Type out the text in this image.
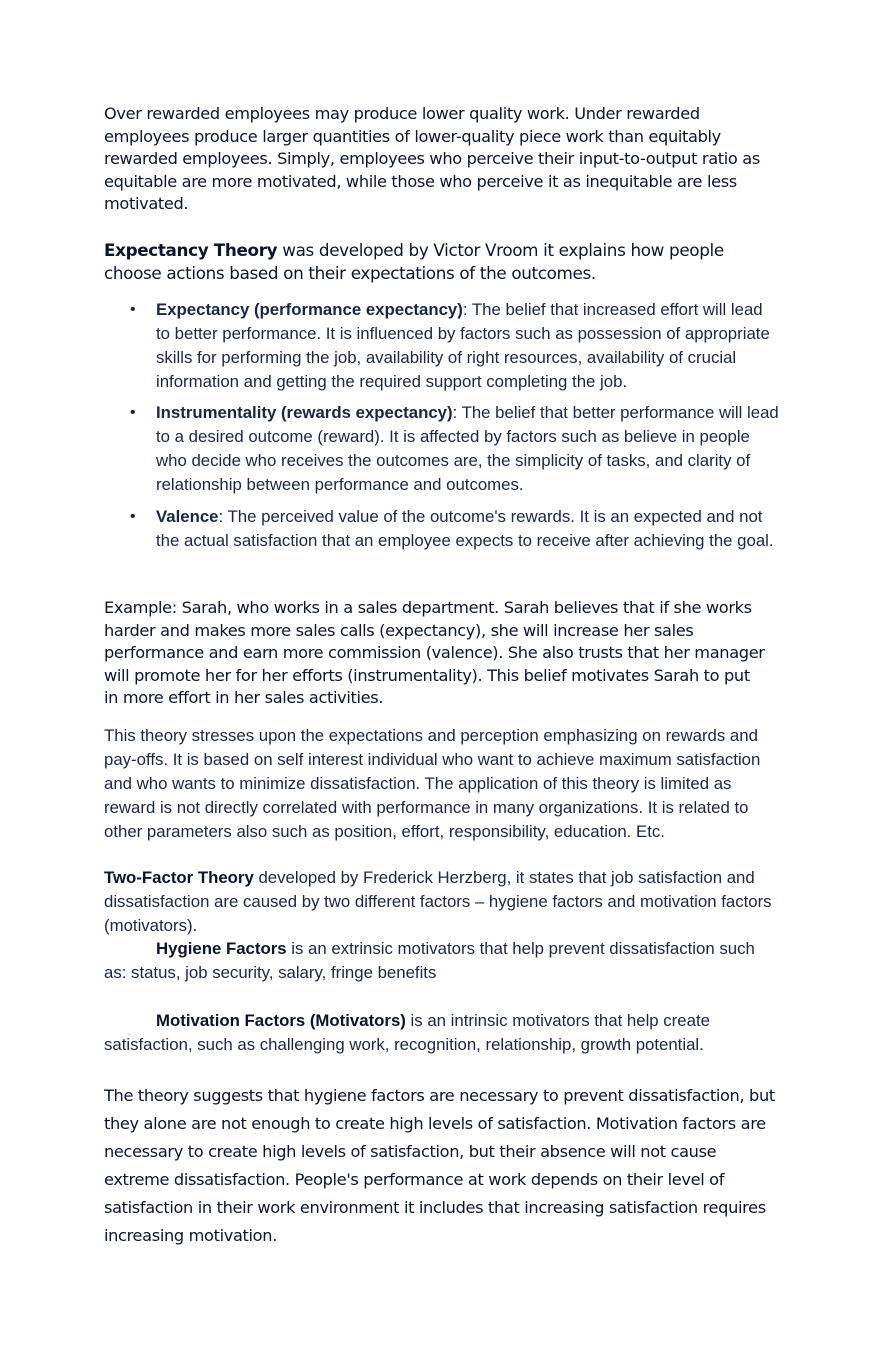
Over rewarded employees may produce lower quality work. Under rewarded employees produce larger quantities of lower-quality piece work than equitably rewarded employees. Simply, employees who perceive their input-to-output ratio as equitable are more motivated, while those who perceive it as inequitable are less motivated.

Expectancy Theory was developed by Victor Vroom it explains how people choose actions based on their expectations of the outcomes.

• Expectancy (performance expectancy): The belief that increased effort will lead to better performance. It is influenced by factors such as possession of appropriate skills for performing the job, availability of right resources, availability of crucial information and getting the required support completing the job.
• Instrumentality (rewards expectancy): The belief that better performance will lead to a desired outcome (reward). It is affected by factors such as believe in people who decide who receives the outcomes are, the simplicity of tasks, and clarity of relationship between performance and outcomes.
• Valence: The perceived value of the outcome's rewards. It is an expected and not the actual satisfaction that an employee expects to receive after achieving the goal.

Example: Sarah, who works in a sales department. Sarah believes that if she works harder and makes more sales calls (expectancy), she will increase her sales performance and earn more commission (valence). She also trusts that her manager will promote her for her efforts (instrumentality). This belief motivates Sarah to put in more effort in her sales activities.

This theory stresses upon the expectations and perception emphasizing on rewards and pay-offs. It is based on self interest individual who want to achieve maximum satisfaction and who wants to minimize dissatisfaction. The application of this theory is limited as reward is not directly correlated with performance in many organizations. It is related to other parameters also such as position, effort, responsibility, education. Etc.

Two-Factor Theory developed by Frederick Herzberg, it states that job satisfaction and dissatisfaction are caused by two different factors – hygiene factors and motivation factors (motivators).

Hygiene Factors is an extrinsic motivators that help prevent dissatisfaction such as: status, job security, salary, fringe benefits

Motivation Factors (Motivators) is an intrinsic motivators that help create satisfaction, such as challenging work, recognition, relationship, growth potential.

The theory suggests that hygiene factors are necessary to prevent dissatisfaction, but they alone are not enough to create high levels of satisfaction. Motivation factors are necessary to create high levels of satisfaction, but their absence will not cause extreme dissatisfaction. People's performance at work depends on their level of satisfaction in their work environment it includes that increasing satisfaction requires increasing motivation.
